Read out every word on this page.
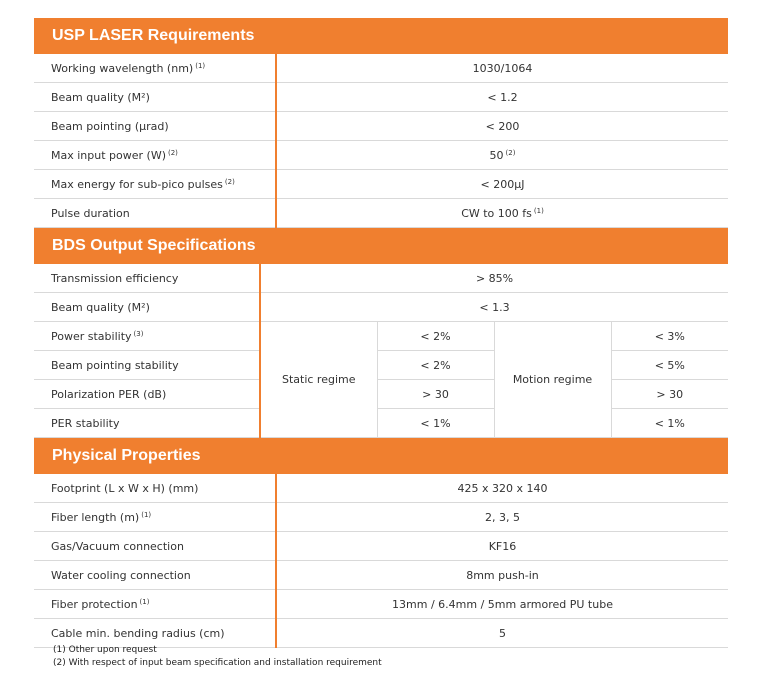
USP LASER Requirements
Working wavelength (nm) $^{(1)}$	1030/1064
Beam quality (M²)	< 1.2
Beam pointing (µrad)	< 200
Max input power (W) $^{(2)}$	50 $^{(2)}$
Max energy for sub-pico pulses $^{(2)}$	< 200µJ
Pulse duration	CW to 100 fs $^{(1)}$
BDS Output Specifications
Transmission efficiency	> 85%			
Beam quality (M²)	< 1.3			
Power stability $^{(3)}$	Static regime	< 2%	Motion regime	< 3%
Beam pointing stability		< 2%		< 5%
Polarization PER (dB)		> 30		> 30
PER stability		< 1%		< 1%
Physical Properties
Footprint (L x W x H) (mm)	425 x 320 x 140
Fiber length (m) $^{(1)}$	2, 3, 5
Gas/Vacuum connection	KF16
Water cooling connection	8mm push-in
Fiber protection $^{(1)}$	13mm / 6.4mm / 5mm armored PU tube
Cable min. bending radius (cm)	5
(1) Other upon request
(2) With respect of input beam specification and installation requirement
